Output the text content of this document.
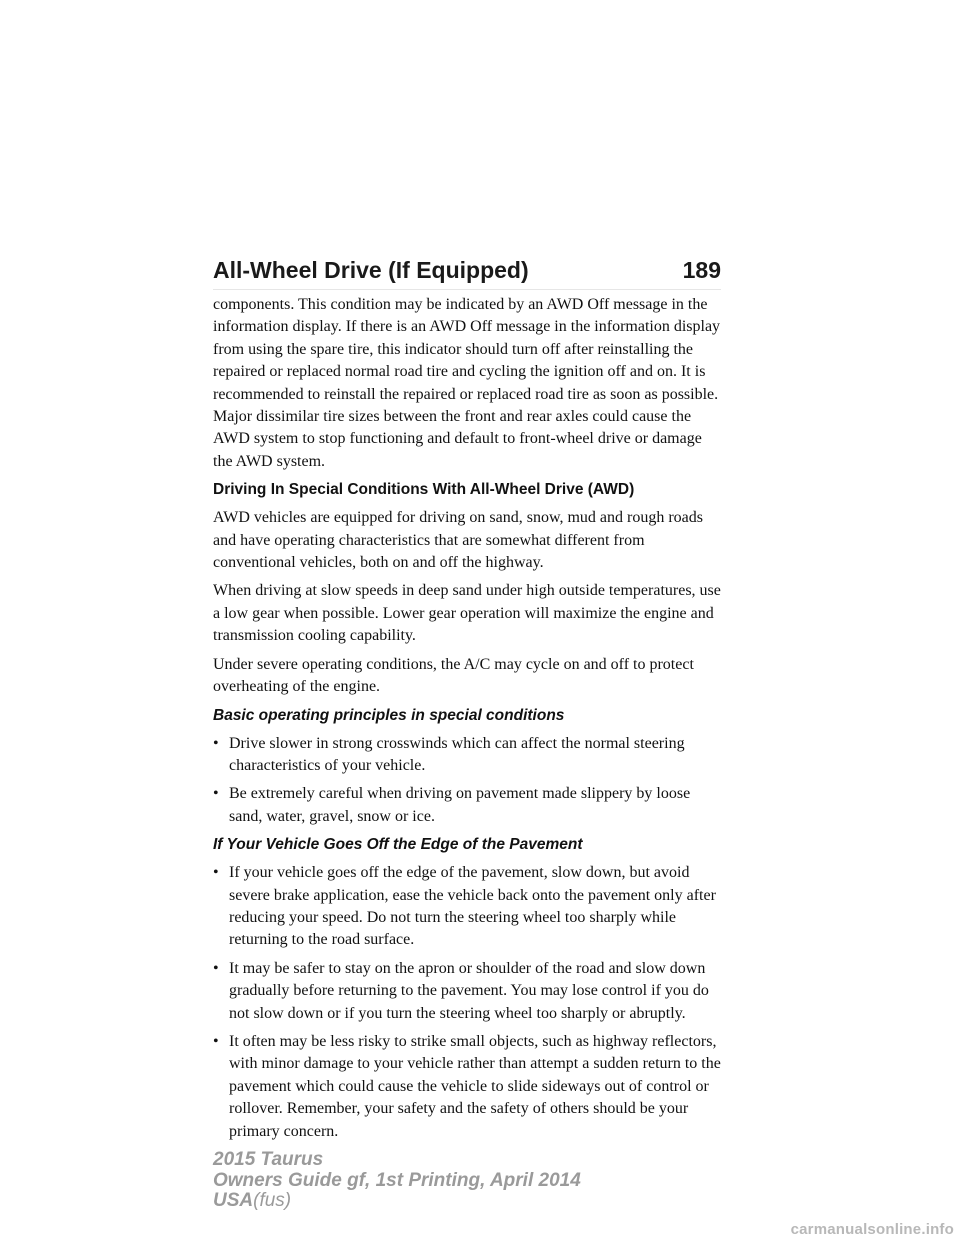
All-Wheel Drive (If Equipped)	189

components. This condition may be indicated by an AWD Off message in the information display. If there is an AWD Off message in the information display from using the spare tire, this indicator should turn off after reinstalling the repaired or replaced normal road tire and cycling the ignition off and on. It is recommended to reinstall the repaired or replaced road tire as soon as possible. Major dissimilar tire sizes between the front and rear axles could cause the AWD system to stop functioning and default to front-wheel drive or damage the AWD system.

Driving In Special Conditions With All-Wheel Drive (AWD)

AWD vehicles are equipped for driving on sand, snow, mud and rough roads and have operating characteristics that are somewhat different from conventional vehicles, both on and off the highway.

When driving at slow speeds in deep sand under high outside temperatures, use a low gear when possible. Lower gear operation will maximize the engine and transmission cooling capability.

Under severe operating conditions, the A/C may cycle on and off to protect overheating of the engine.

Basic operating principles in special conditions
• Drive slower in strong crosswinds which can affect the normal steering characteristics of your vehicle.
• Be extremely careful when driving on pavement made slippery by loose sand, water, gravel, snow or ice.
If Your Vehicle Goes Off the Edge of the Pavement
• If your vehicle goes off the edge of the pavement, slow down, but avoid severe brake application, ease the vehicle back onto the pavement only after reducing your speed. Do not turn the steering wheel too sharply while returning to the road surface.
• It may be safer to stay on the apron or shoulder of the road and slow down gradually before returning to the pavement. You may lose control if you do not slow down or if you turn the steering wheel too sharply or abruptly.
• It often may be less risky to strike small objects, such as highway reflectors, with minor damage to your vehicle rather than attempt a sudden return to the pavement which could cause the vehicle to slide sideways out of control or rollover. Remember, your safety and the safety of others should be your primary concern.
2015 Taurus
Owners Guide gf, 1st Printing, April 2014
USA(fus)
carmanualsonline.info
